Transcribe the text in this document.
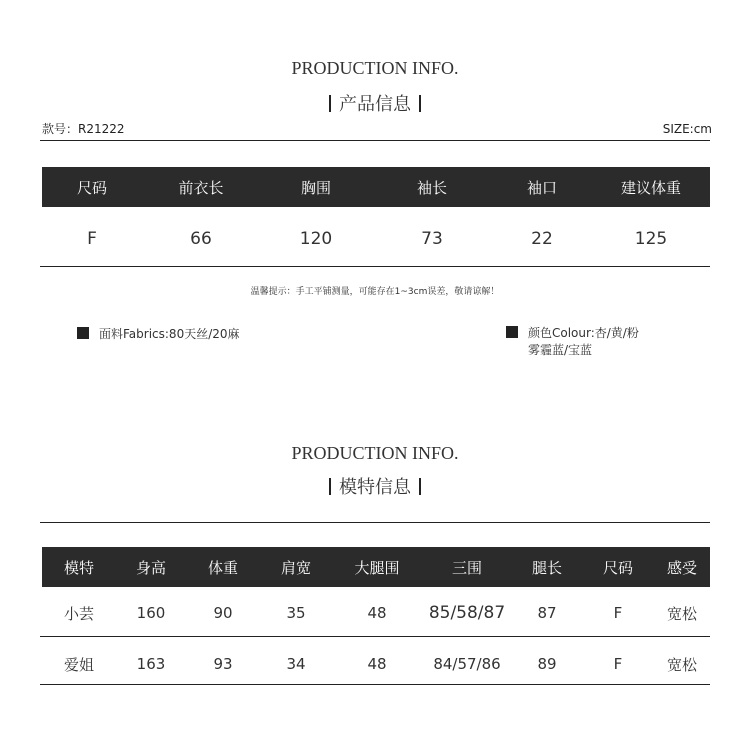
PRODUCTION INFO.
产品信息
款号：R21222	SIZE:cm
尺码	前衣长	胸围	袖长	袖口	建议体重
F	66	120	73	22	125
温馨提示：手工平铺测量，可能存在1~3cm误差，敬请谅解！
面料Fabrics:80天丝/20麻	颜色Colour:杏/黄/粉
雾霾蓝/宝蓝
PRODUCTION INFO.
模特信息
模特	身高	体重	肩宽	大腿围	三围	腿长	尺码	感受
小芸	160	90	35	48	85/58/87	87	F	宽松
爱姐	163	93	34	48	84/57/86	89	F	宽松
